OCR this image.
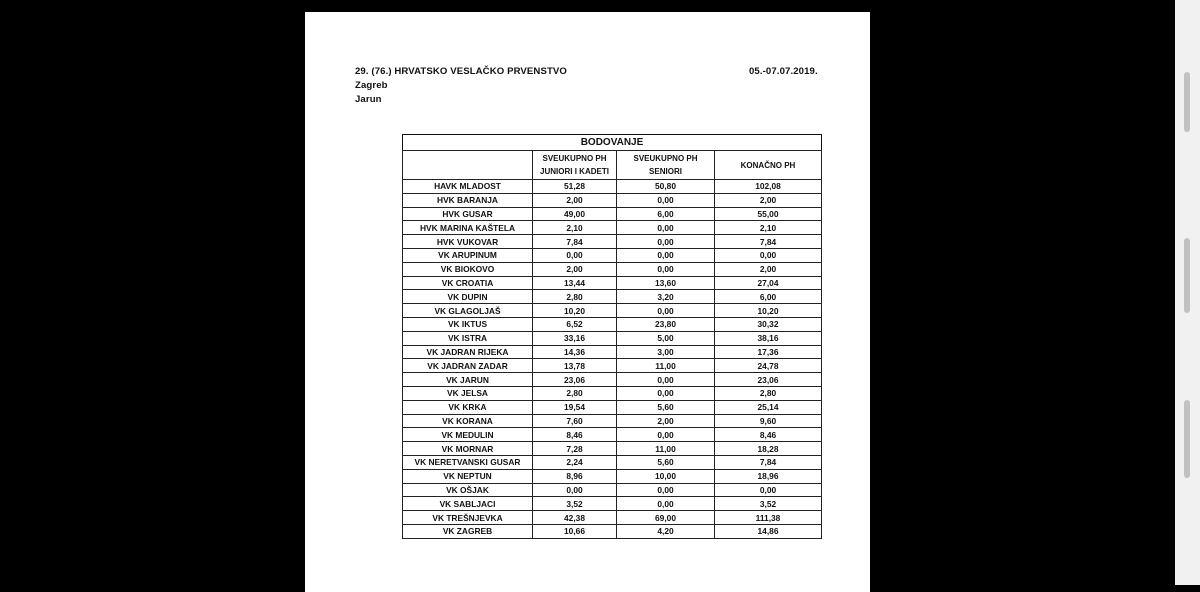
29. (76.) HRVATSKO VESLAČKO PRVENSTVO
Zagreb
Jarun
05.-07.07.2019.
BODOVANJE			
	SVEUKUPNO PH JUNIORI I KADETI	SVEUKUPNO PH SENIORI	KONAČNO PH
HAVK MLADOST	51,28	50,80	102,08
HVK BARANJA	2,00	0,00	2,00
HVK GUSAR	49,00	6,00	55,00
HVK MARINA KAŠTELA	2,10	0,00	2,10
HVK VUKOVAR	7,84	0,00	7,84
VK ARUPINUM	0,00	0,00	0,00
VK BIOKOVO	2,00	0,00	2,00
VK CROATIA	13,44	13,60	27,04
VK DUPIN	2,80	3,20	6,00
VK GLAGOLJAŠ	10,20	0,00	10,20
VK IKTUS	6,52	23,80	30,32
VK ISTRA	33,16	5,00	38,16
VK JADRAN RIJEKA	14,36	3,00	17,36
VK JADRAN ZADAR	13,78	11,00	24,78
VK JARUN	23,06	0,00	23,06
VK JELSA	2,80	0,00	2,80
VK KRKA	19,54	5,60	25,14
VK KORANA	7,60	2,00	9,60
VK MEDULIN	8,46	0,00	8,46
VK MORNAR	7,28	11,00	18,28
VK NERETVANSKI GUSAR	2,24	5,60	7,84
VK NEPTUN	8,96	10,00	18,96
VK OŠJAK	0,00	0,00	0,00
VK SABLJACI	3,52	0,00	3,52
VK TREŠNJEVKA	42,38	69,00	111,38
VK ZAGREB	10,66	4,20	14,86
